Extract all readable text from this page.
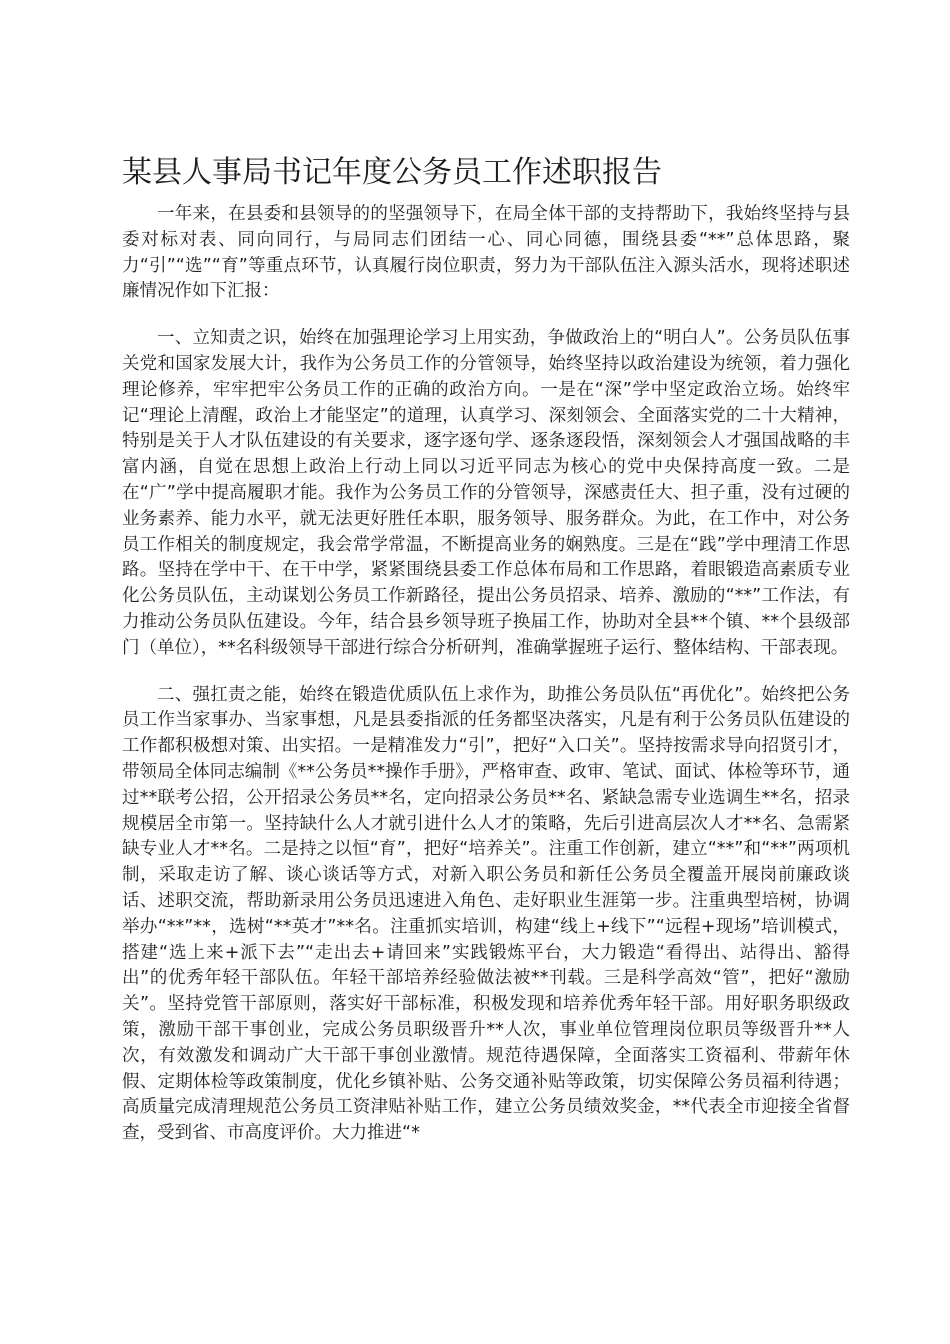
某县人事局书记年度公务员工作述职报告

一年来，在县委和县领导的的坚强领导下，在局全体干部的支持帮助下，我始终坚持与县委对标对表、同向同行，与局同志们团结一心、同心同德，围绕县委“**”总体思路，聚力“引”“选”“育”等重点环节，认真履行岗位职责，努力为干部队伍注入源头活水，现将述职述廉情况作如下汇报：

一、立知责之识，始终在加强理论学习上用实劲，争做政治上的“明白人”。公务员队伍事关党和国家发展大计，我作为公务员工作的分管领导，始终坚持以政治建设为统领，着力强化理论修养，牢牢把牢公务员工作的正确的政治方向。一是在“深”学中坚定政治立场。始终牢记“理论上清醒，政治上才能坚定”的道理，认真学习、深刻领会、全面落实党的二十大精神，特别是关于人才队伍建设的有关要求，逐字逐句学、逐条逐段悟，深刻领会人才强国战略的丰富内涵，自觉在思想上政治上行动上同以习近平同志为核心的党中央保持高度一致。二是在“广”学中提高履职才能。我作为公务员工作的分管领导，深感责任大、担子重，没有过硬的业务素养、能力水平，就无法更好胜任本职，服务领导、服务群众。为此，在工作中，对公务员工作相关的制度规定，我会常学常温，不断提高业务的娴熟度。三是在“践”学中理清工作思路。坚持在学中干、在干中学，紧紧围绕县委工作总体布局和工作思路，着眼锻造高素质专业化公务员队伍，主动谋划公务员工作新路径，提出公务员招录、培养、激励的“**”工作法，有力推动公务员队伍建设。今年，结合县乡领导班子换届工作，协助对全县**个镇、**个县级部门（单位），**名科级领导干部进行综合分析研判，准确掌握班子运行、整体结构、干部表现。

二、强扛责之能，始终在锻造优质队伍上求作为，助推公务员队伍“再优化”。始终把公务员工作当家事办、当家事想，凡是县委指派的任务都坚决落实，凡是有利于公务员队伍建设的工作都积极想对策、出实招。一是精准发力“引”，把好“入口关”。坚持按需求导向招贤引才，带领局全体同志编制《**公务员**操作手册》，严格审查、政审、笔试、面试、体检等环节，通过**联考公招，公开招录公务员**名，定向招录公务员**名、紧缺急需专业选调生**名，招录规模居全市第一。坚持缺什么人才就引进什么人才的策略，先后引进高层次人才**名、急需紧缺专业人才**名。二是持之以恒“育”，把好“培养关”。注重工作创新，建立“**”和“**”两项机制，采取走访了解、谈心谈话等方式，对新入职公务员和新任公务员全覆盖开展岗前廉政谈话、述职交流，帮助新录用公务员迅速进入角色、走好职业生涯第一步。注重典型培树，协调举办“**”**，选树“**英才”**名。注重抓实培训，构建“线上+线下”“远程+现场”培训模式，搭建“选上来+派下去”“走出去+请回来”实践锻炼平台，大力锻造“看得出、站得出、豁得出”的优秀年轻干部队伍。年轻干部培养经验做法被**刊载。三是科学高效“管”，把好“激励关”。坚持党管干部原则，落实好干部标准，积极发现和培养优秀年轻干部。用好职务职级政策，激励干部干事创业，完成公务员职级晋升**人次，事业单位管理岗位职员等级晋升**人次，有效激发和调动广大干部干事创业激情。规范待遇保障，全面落实工资福利、带薪年休假、定期体检等政策制度，优化乡镇补贴、公务交通补贴等政策，切实保障公务员福利待遇；高质量完成清理规范公务员工资津贴补贴工作，建立公务员绩效奖金，**代表全市迎接全省督查，受到省、市高度评价。大力推进“*
